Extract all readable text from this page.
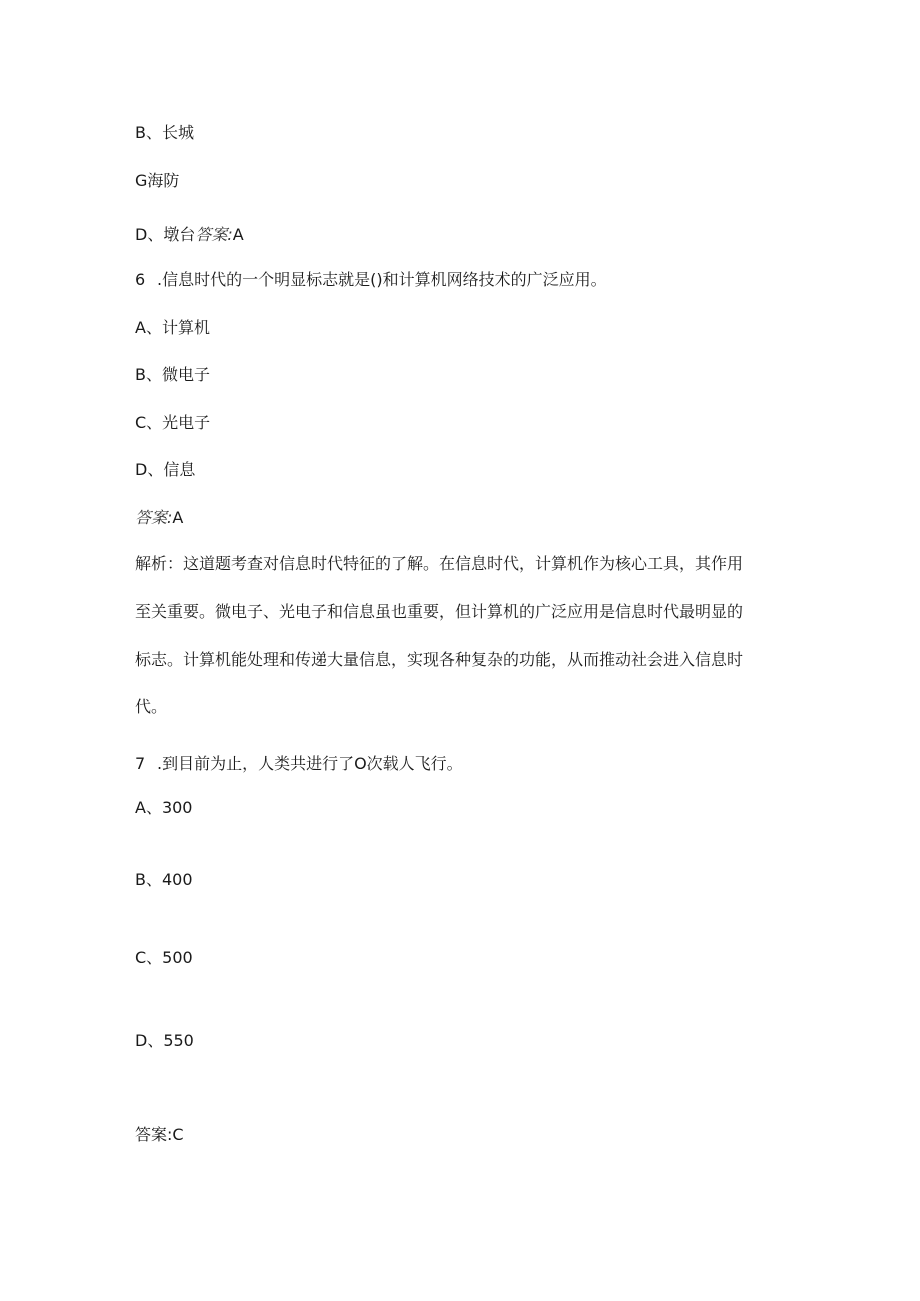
B、长城
G海防
D、墩台答案:A
6 .信息时代的一个明显标志就是()和计算机网络技术的广泛应用。
A、计算机
B、微电子
C、光电子
D、信息
答案:A
解析：这道题考查对信息时代特征的了解。在信息时代，计算机作为核心工具，其作用
至关重要。微电子、光电子和信息虽也重要，但计算机的广泛应用是信息时代最明显的
标志。计算机能处理和传递大量信息，实现各种复杂的功能，从而推动社会进入信息时
代。
7 .到目前为止，人类共进行了O次载人飞行。
A、300
B、400
C、500
D、550
答案:C
